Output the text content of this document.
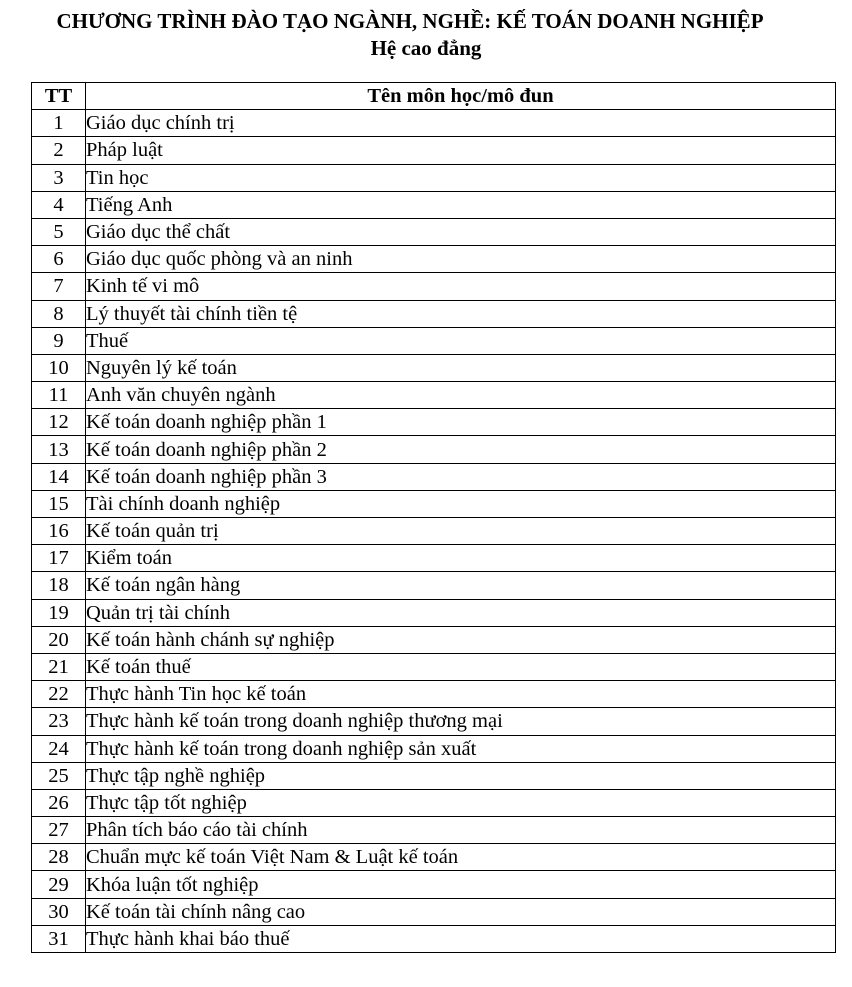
CHƯƠNG TRÌNH ĐÀO TẠO NGÀNH, NGHỀ: KẾ TOÁN DOANH NGHIỆP
Hệ cao đẳng
TT	Tên môn học/mô đun
1	Giáo dục chính trị
2	Pháp luật
3	Tin học
4	Tiếng Anh
5	Giáo dục thể chất
6	Giáo dục quốc phòng và an ninh
7	Kinh tế vi mô
8	Lý thuyết tài chính tiền tệ
9	Thuế
10	Nguyên lý kế toán
11	Anh văn chuyên ngành
12	Kế toán doanh nghiệp phần 1
13	Kế toán doanh nghiệp phần 2
14	Kế toán doanh nghiệp phần 3
15	Tài chính doanh nghiệp
16	Kế toán quản trị
17	Kiểm toán
18	Kế toán ngân hàng
19	Quản trị tài chính
20	Kế toán hành chánh sự nghiệp
21	Kế toán thuế
22	Thực hành Tin học kế toán
23	Thực hành kế toán trong doanh nghiệp thương mại
24	Thực hành kế toán trong doanh nghiệp sản xuất
25	Thực tập nghề nghiệp
26	Thực tập tốt nghiệp
27	Phân tích báo cáo tài chính
28	Chuẩn mực kế toán Việt Nam & Luật kế toán
29	Khóa luận tốt nghiệp
30	Kế toán tài chính nâng cao
31	Thực hành khai báo thuế
